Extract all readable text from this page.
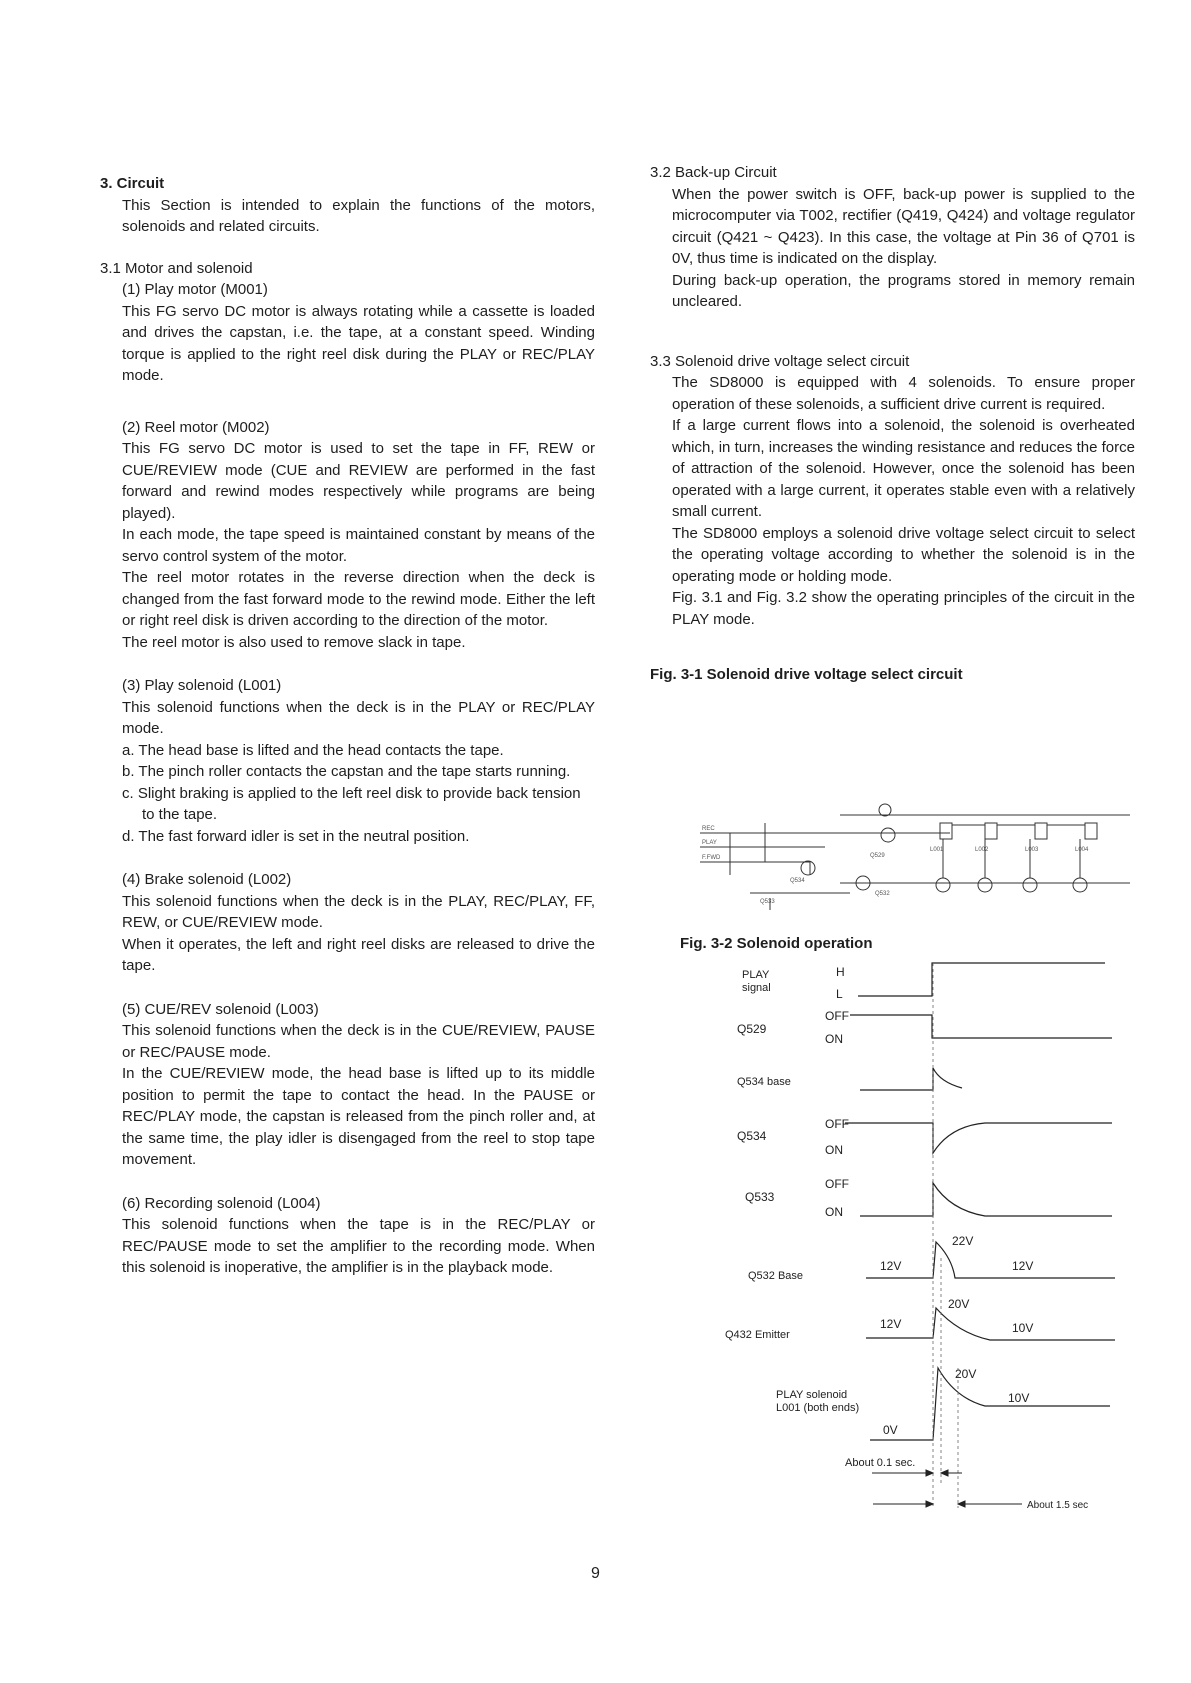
3. Circuit
This Section is intended to explain the functions of the motors, solenoids and related circuits.
3.1 Motor and solenoid
(1) Play motor (M001)
This FG servo DC motor is always rotating while a cassette is loaded and drives the capstan, i.e. the tape, at a constant speed. Winding torque is applied to the right reel disk during the PLAY or REC/PLAY mode.
(2) Reel motor (M002)
This FG servo DC motor is used to set the tape in FF, REW or CUE/REVIEW mode (CUE and REVIEW are performed in the fast forward and rewind modes respectively while programs are being played).
In each mode, the tape speed is maintained constant by means of the servo control system of the motor.
The reel motor rotates in the reverse direction when the deck is changed from the fast forward mode to the rewind mode. Either the left or right reel disk is driven according to the direction of the motor.
The reel motor is also used to remove slack in tape.
(3) Play solenoid (L001)
This solenoid functions when the deck is in the PLAY or REC/PLAY mode.
a. The head base is lifted and the head contacts the tape.
b. The pinch roller contacts the capstan and the tape starts running.
c. Slight braking is applied to the left reel disk to provide back tension to the tape.
d. The fast forward idler is set in the neutral position.
(4) Brake solenoid (L002)
This solenoid functions when the deck is in the PLAY, REC/PLAY, FF, REW, or CUE/REVIEW mode.
When it operates, the left and right reel disks are released to drive the tape.
(5) CUE/REV solenoid (L003)
This solenoid functions when the deck is in the CUE/REVIEW, PAUSE or REC/PAUSE mode.
In the CUE/REVIEW mode, the head base is lifted up to its middle position to permit the tape to contact the head. In the PAUSE or REC/PLAY mode, the capstan is released from the pinch roller and, at the same time, the play idler is disengaged from the reel to stop tape movement.
(6) Recording solenoid (L004)
This solenoid functions when the tape is in the REC/PLAY or REC/PAUSE mode to set the amplifier to the recording mode. When this solenoid is inoperative, the amplifier is in the playback mode.
3.2 Back-up Circuit
When the power switch is OFF, back-up power is supplied to the microcomputer via T002, rectifier (Q419, Q424) and voltage regulator circuit (Q421 ~ Q423). In this case, the voltage at Pin 36 of Q701 is 0V, thus time is indicated on the display.
During back-up operation, the programs stored in memory remain uncleared.
3.3 Solenoid drive voltage select circuit
The SD8000 is equipped with 4 solenoids. To ensure proper operation of these solenoids, a sufficient drive current is required.
If a large current flows into a solenoid, the solenoid is overheated which, in turn, increases the winding resistance and reduces the force of attraction of the solenoid. However, once the solenoid has been operated with a large current, it operates stable even with a relatively small current.
The SD8000 employs a solenoid drive voltage select circuit to select the operating voltage according to whether the solenoid is in the operating mode or holding mode.
Fig. 3.1 and Fig. 3.2 show the operating principles of the circuit in the PLAY mode.
Fig. 3-1 Solenoid drive voltage select circuit
REC
PLAY
F.FWD	Q529
Q534
Q533
Q532
L001	L002	L003	L004
Fig. 3-2 Solenoid operation
PLAY
signal
H
L
Q529
OFF
ON
Q534 base
Q534
OFF
ON
Q533
OFF
ON
Q532 Base
12V
22V
12V
Q432 Emitter
12V
20V
10V
PLAY solenoid
L001 (both ends)
20V
10V
0V
About 0.1 sec.
About 1.5 sec
9
